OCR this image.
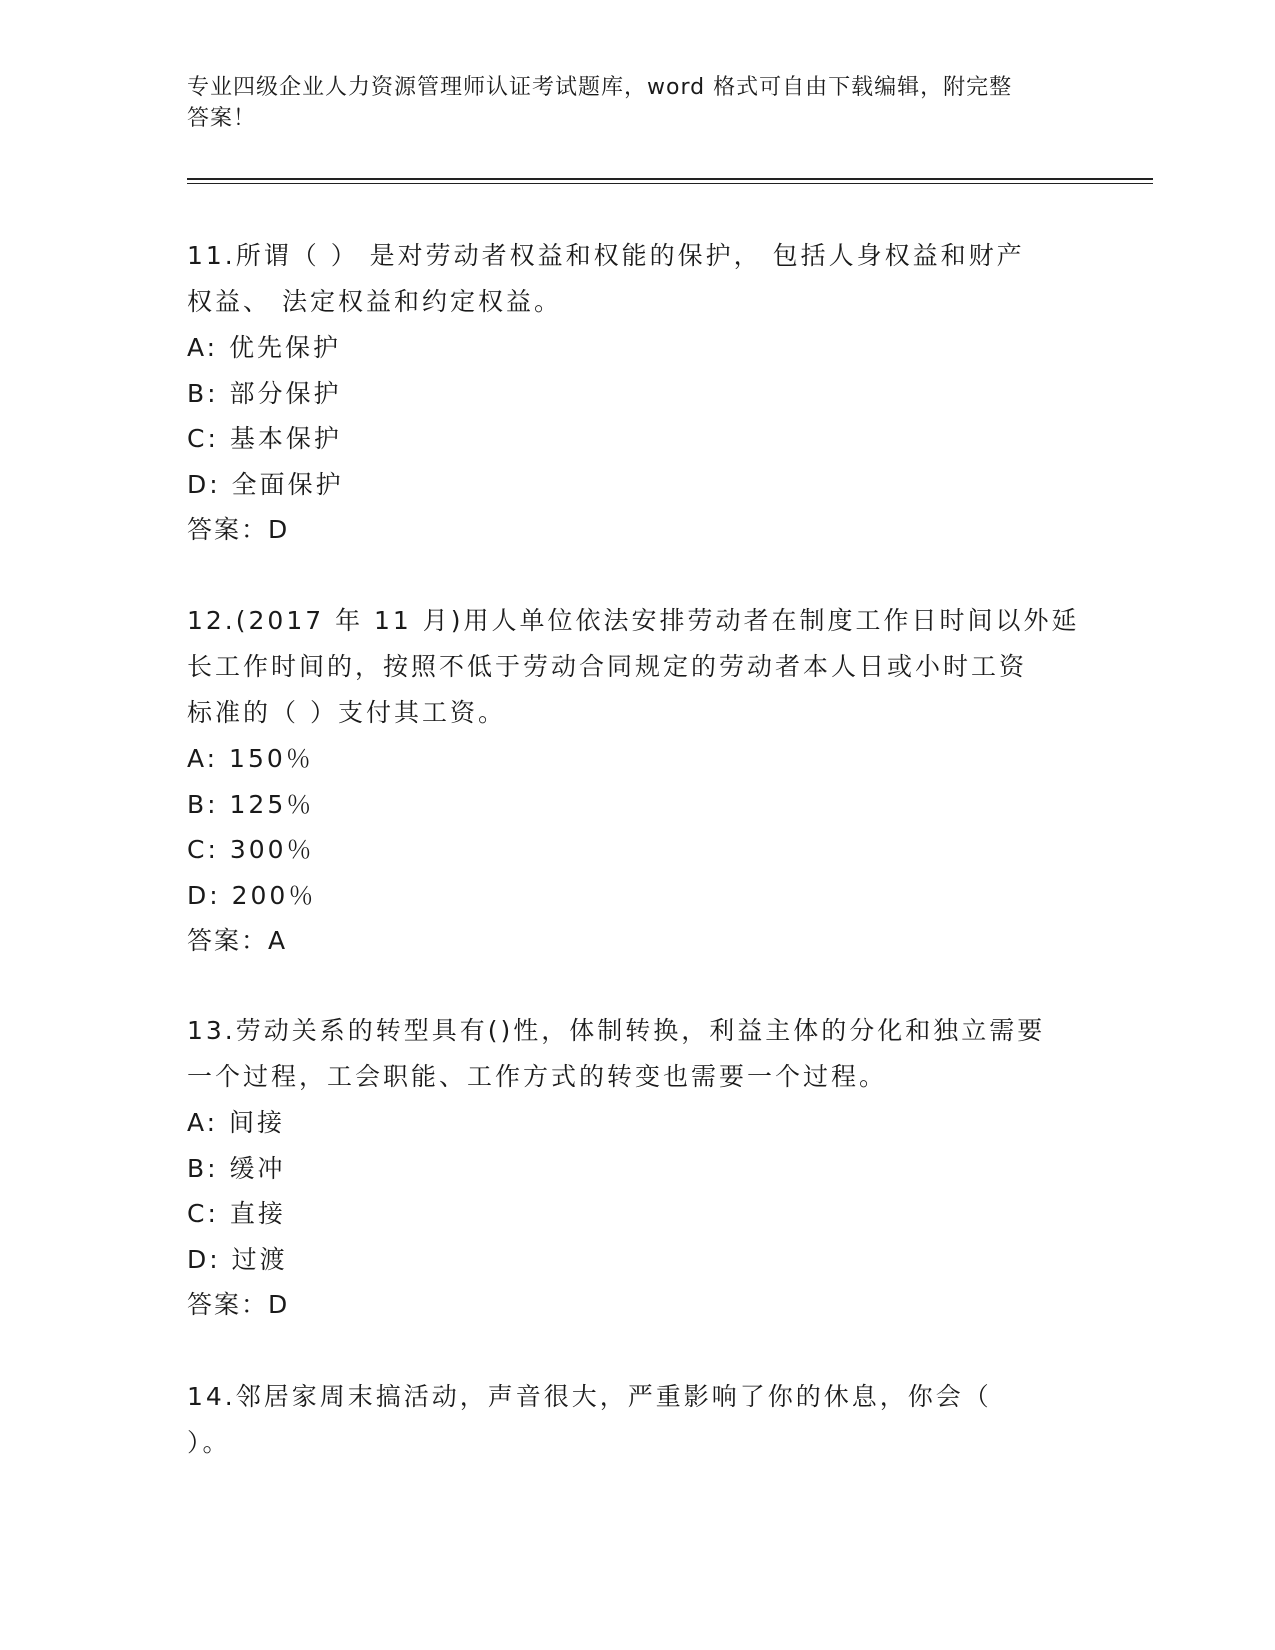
专业四级企业人力资源管理师认证考试题库，word 格式可自由下载编辑，附完整
答案！
11.所谓（ ） 是对劳动者权益和权能的保护， 包括人身权益和财产
权益、 法定权益和约定权益。
A: 优先保护
B: 部分保护
C: 基本保护
D: 全面保护
答案：D
12.(2017 年 11 月)用人单位依法安排劳动者在制度工作日时间以外延
长工作时间的，按照不低于劳动合同规定的劳动者本人日或小时工资
标准的（ ）支付其工资。
A: 150％
B: 125％
C: 300％
D: 200％
答案：A
13.劳动关系的转型具有()性，体制转换，利益主体的分化和独立需要
一个过程，工会职能、工作方式的转变也需要一个过程。
A: 间接
B: 缓冲
C: 直接
D: 过渡
答案：D
14.邻居家周末搞活动，声音很大，严重影响了你的休息，你会（
）。
